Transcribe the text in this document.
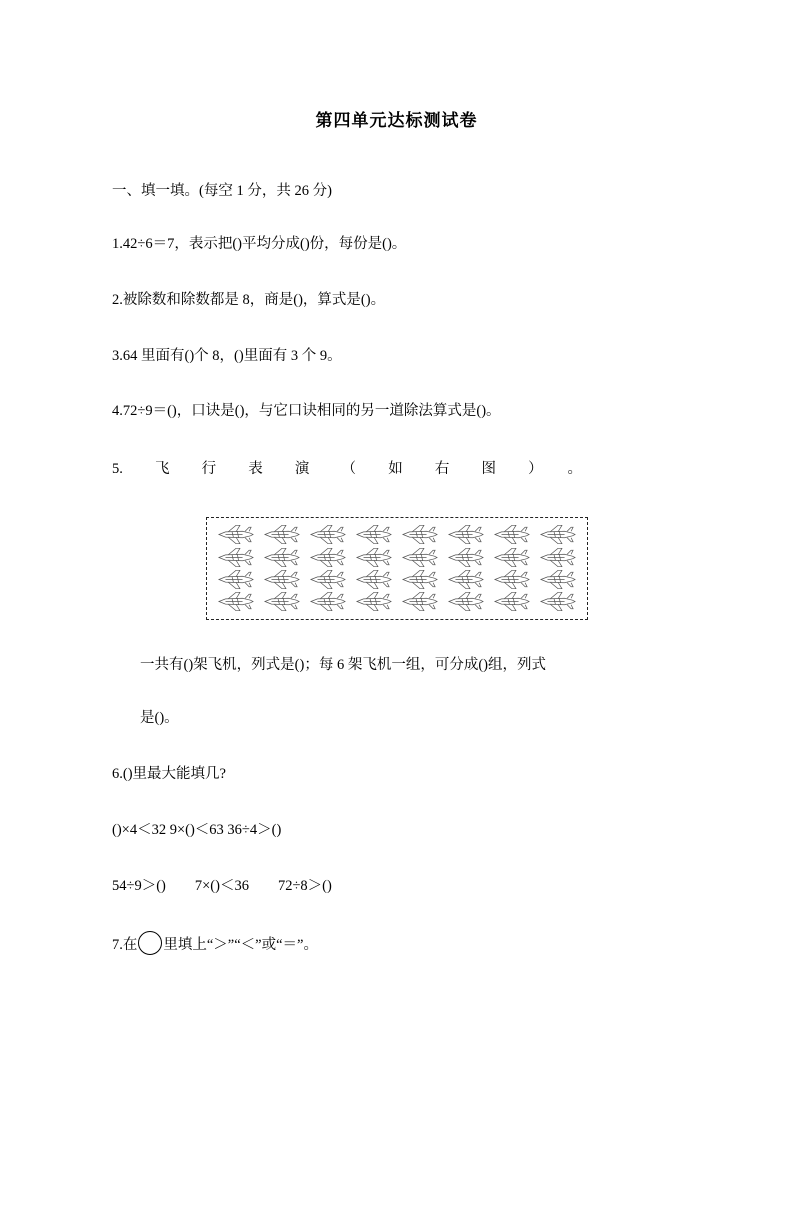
第四单元达标测试卷
一、填一填。(每空 1 分，共 26 分)
1.42÷6＝7，表示把()平均分成()份，每份是()。
2.被除数和除数都是 8，商是()，算式是()。
3.64 里面有()个 8，()里面有 3 个 9。
4.72÷9＝()，口诀是()，与它口诀相同的另一道除法算式是()。
5.飞行表演（如右图）。
一共有()架飞机，列式是()；每 6 架飞机一组，可分成()组，列式
是()。
6.()里最大能填几?
()×4＜32 9×()＜63 36÷4＞()
54÷9＞()　　7×()＜36　　72÷8＞()
7.在 里填上“＞”“＜”或“＝”。
